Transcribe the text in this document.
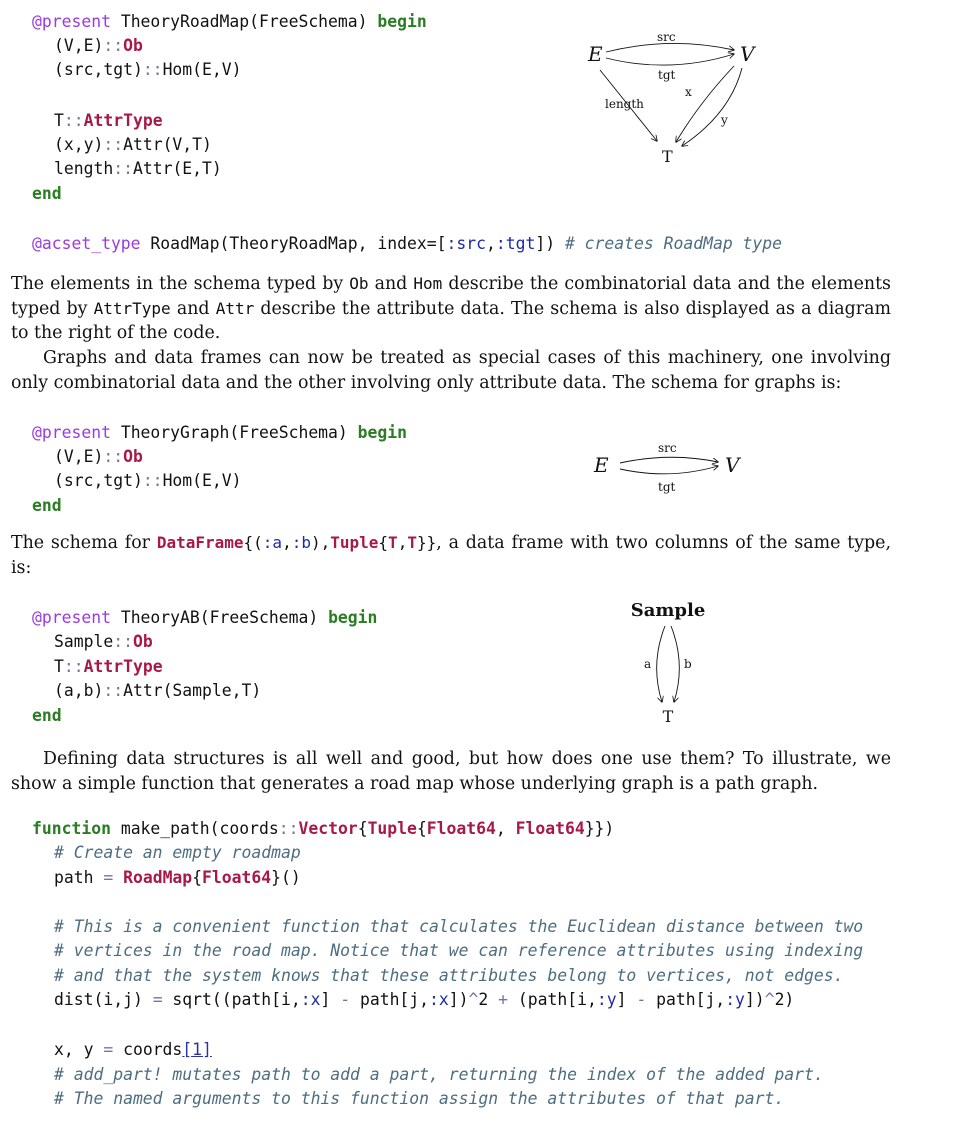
@present TheoryRoadMap(FreeSchema) begin

(V,E)::Ob

(src,tgt)::Hom(E,V)

T::AttrType

(x,y)::Attr(V,T)

length::Attr(E,T)

end

@acset_type RoadMap(TheoryRoadMap, index=[:src,:tgt]) # creates RoadMap type

E	V
T
src
tgt
length
x
y
The elements in the schema typed by Ob and Hom describe the combinatorial data and the elements typed by AttrType and Attr describe the attribute data. The schema is also displayed as a diagram to the right of the code.
Graphs and data frames can now be treated as special cases of this machinery, one involving only combinatorial data and the other involving only attribute data. The schema for graphs is:

@present TheoryGraph(FreeSchema) begin

(V,E)::Ob

(src,tgt)::Hom(E,V)

end

E	V
src
tgt
The schema for DataFrame{(:a,:b),Tuple{T,T}}, a data frame with two columns of the same type, is:

@present TheoryAB(FreeSchema) begin

Sample::Ob

T::AttrType

(a,b)::Attr(Sample,T)

end

Sample
T
a	b
Defining data structures is all well and good, but how does one use them? To illustrate, we show a simple function that generates a road map whose underlying graph is a path graph.

function make_path(coords::Vector{Tuple{Float64, Float64}})

# Create an empty roadmap

path = RoadMap{Float64}()

# This is a convenient function that calculates the Euclidean distance between two

# vertices in the road map. Notice that we can reference attributes using indexing

# and that the system knows that these attributes belong to vertices, not edges.

dist(i,j) = sqrt((path[i,:x] - path[j,:x])^2 + (path[i,:y] - path[j,:y])^2)

x, y = coords[1]

# add_part! mutates path to add a part, returning the index of the added part.

# The named arguments to this function assign the attributes of that part.
